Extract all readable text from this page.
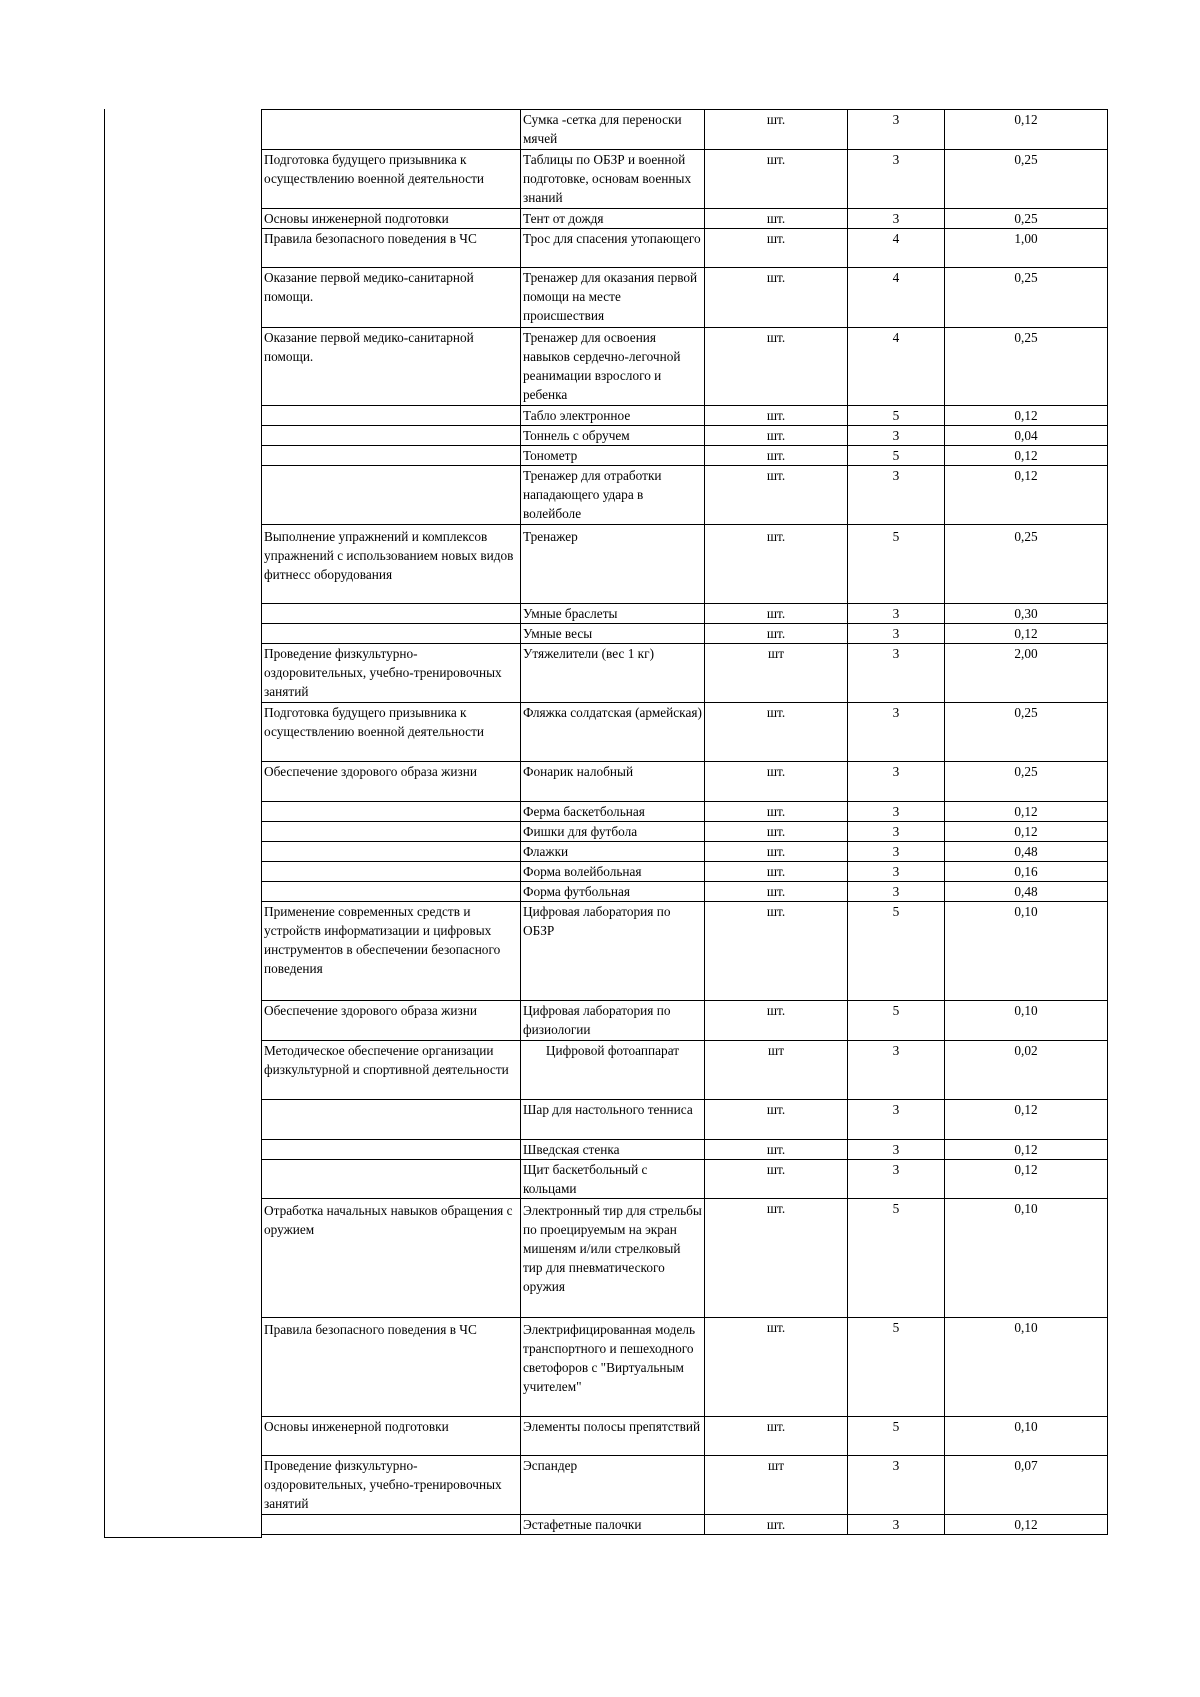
	Сумка -сетка для переноски мячей	шт.	3	0,12
Подготовка будущего призывника к осуществлению военной деятельности	Таблицы по ОБЗР и военной подготовке, основам военных знаний	шт.	3	0,25
Основы инженерной подготовки	Тент от дождя	шт.	3	0,25
Правила безопасного поведения в ЧС	Трос для спасения утопающего	шт.	4	1,00
Оказание первой медико-санитарной помощи.	Тренажер для оказания первой помощи на месте происшествия	шт.	4	0,25
Оказание первой медико-санитарной помощи.	Тренажер для освоения навыков сердечно-легочной реанимации взрослого и ребенка	шт.	4	0,25
	Табло электронное	шт.	5	0,12
	Тоннель с обручем	шт.	3	0,04
	Тонометр	шт.	5	0,12
	Тренажер для отработки нападающего удара в волейболе	шт.	3	0,12
Выполнение упражнений и комплексов упражнений с использованием новых видов фитнесс оборудования	Тренажер	шт.	5	0,25
	Умные браслеты	шт.	3	0,30
	Умные весы	шт.	3	0,12
Проведение физкультурно-оздоровительных, учебно-тренировочных занятий	Утяжелители (вес 1 кг)	шт	3	2,00
Подготовка будущего призывника к осуществлению военной деятельности	Фляжка солдатская (армейская)	шт.	3	0,25
Обеспечение здорового образа жизни	Фонарик налобный	шт.	3	0,25
	Ферма баскетбольная	шт.	3	0,12
	Фишки для футбола	шт.	3	0,12
	Флажки	шт.	3	0,48
	Форма волейбольная	шт.	3	0,16
	Форма футбольная	шт.	3	0,48
Применение современных средств и устройств информатизации и цифровых инструментов в обеспечении безопасного поведения	Цифровая лаборатория по ОБЗР	шт.	5	0,10
Обеспечение здорового образа жизни	Цифровая лаборатория по физиологии	шт.	5	0,10
Методическое обеспечение организации физкультурной и спортивной деятельности	Цифровой фотоаппарат	шт	3	0,02
	Шар для настольного тенниса	шт.	3	0,12
	Шведская стенка	шт.	3	0,12
	Щит баскетбольный с кольцами	шт.	3	0,12
Отработка начальных навыков обращения с оружием	Электронный тир для стрельбы по проецируемым на экран мишеням и/или стрелковый тир для пневматического оружия	шт.	5	0,10
Правила безопасного поведения в ЧС	Электрифицированная модель транспортного и пешеходного светофоров с "Виртуальным учителем"	шт.	5	0,10
Основы инженерной подготовки	Элементы полосы препятствий	шт.	5	0,10
Проведение физкультурно-оздоровительных, учебно-тренировочных занятий	Эспандер	шт	3	0,07
	Эстафетные палочки	шт.	3	0,12
